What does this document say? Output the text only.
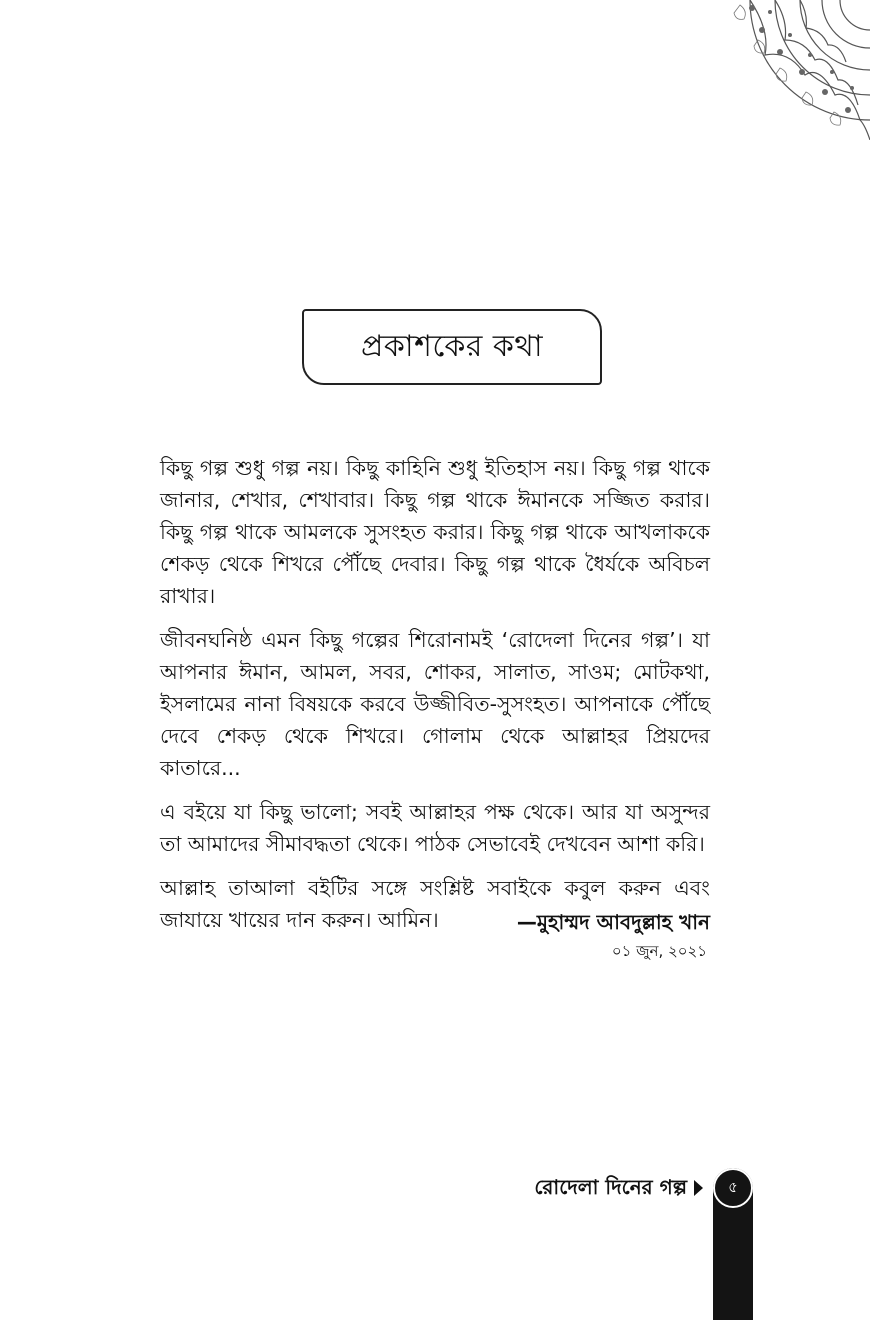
প্রকাশকের কথা

কিছু গল্প শুধু গল্প নয়। কিছু কাহিনি শুধু ইতিহাস নয়। কিছু গল্প থাকে জানার, শেখার, শেখাবার। কিছু গল্প থাকে ঈমানকে সজ্জিত করার। কিছু গল্প থাকে আমলকে সুসংহত করার। কিছু গল্প থাকে আখলাককে শেকড় থেকে শিখরে পৌঁছে দেবার। কিছু গল্প থাকে ধৈর্যকে অবিচল রাখার।

জীবনঘনিষ্ঠ এমন কিছু গল্পের শিরোনামই ‘রোদেলা দিনের গল্প’। যা আপনার ঈমান, আমল, সবর, শোকর, সালাত, সাওম; মোটকথা, ইসলামের নানা বিষয়কে করবে উজ্জীবিত-সুসংহত। আপনাকে পৌঁছে দেবে শেকড় থেকে শিখরে। গোলাম থেকে আল্লাহর প্রিয়দের কাতারে...

এ বইয়ে যা কিছু ভালো; সবই আল্লাহর পক্ষ থেকে। আর যা অসুন্দর তা আমাদের সীমাবদ্ধতা থেকে। পাঠক সেভাবেই দেখবেন আশা করি।

আল্লাহ তাআলা বইটির সঙ্গে সংশ্লিষ্ট সবাইকে কবুল করুন এবং জাযায়ে খায়ের দান করুন। আমিন।	—মুহাম্মদ আবদুল্লাহ খান
০১ জুন, ২০২১
রোদেলা দিনের গল্প	৫
